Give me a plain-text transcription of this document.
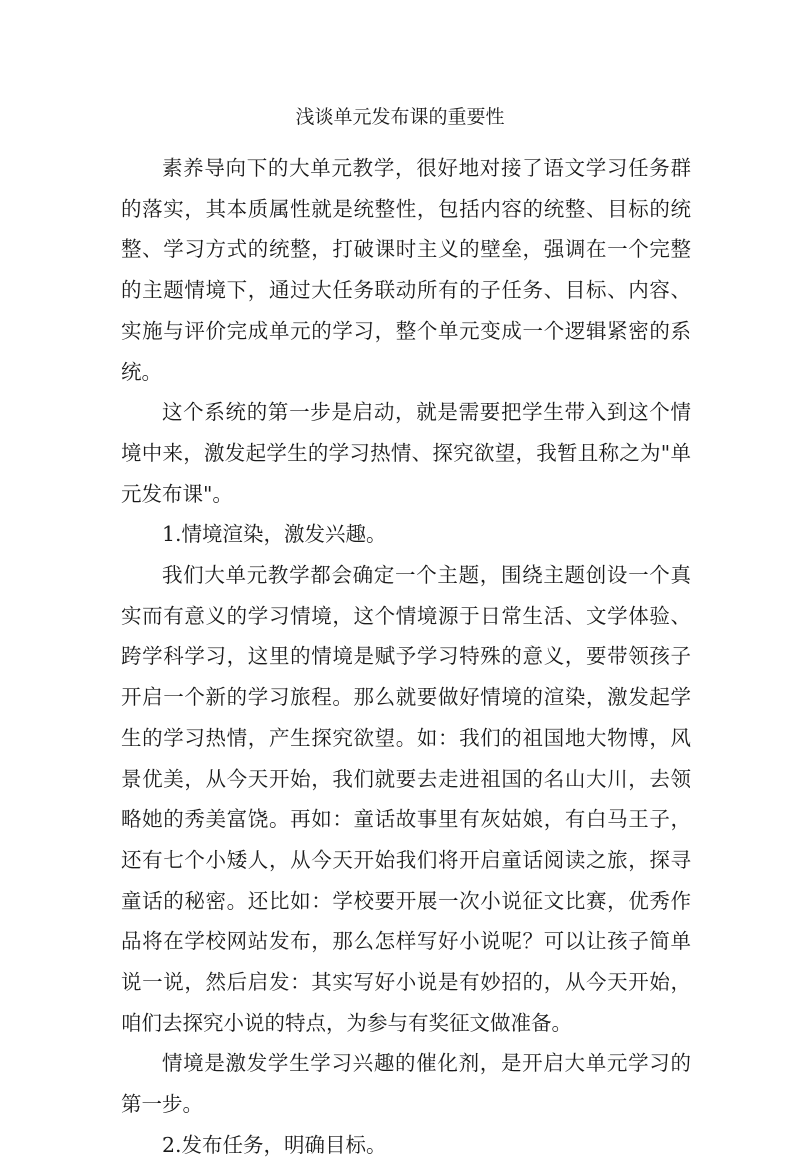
浅谈单元发布课的重要性

素养导向下的大单元教学，很好地对接了语文学习任务群的落实，其本质属性就是统整性，包括内容的统整、目标的统整、学习方式的统整，打破课时主义的壁垒，强调在一个完整的主题情境下，通过大任务联动所有的子任务、目标、内容、实施与评价完成单元的学习，整个单元变成一个逻辑紧密的系统。

这个系统的第一步是启动，就是需要把学生带入到这个情境中来，激发起学生的学习热情、探究欲望，我暂且称之为"单元发布课"。

1.情境渲染，激发兴趣。

我们大单元教学都会确定一个主题，围绕主题创设一个真实而有意义的学习情境，这个情境源于日常生活、文学体验、跨学科学习，这里的情境是赋予学习特殊的意义，要带领孩子开启一个新的学习旅程。那么就要做好情境的渲染，激发起学生的学习热情，产生探究欲望。如：我们的祖国地大物博，风景优美，从今天开始，我们就要去走进祖国的名山大川，去领略她的秀美富饶。再如：童话故事里有灰姑娘，有白马王子，还有七个小矮人，从今天开始我们将开启童话阅读之旅，探寻童话的秘密。还比如：学校要开展一次小说征文比赛，优秀作品将在学校网站发布，那么怎样写好小说呢？可以让孩子简单说一说，然后启发：其实写好小说是有妙招的，从今天开始，咱们去探究小说的特点，为参与有奖征文做准备。

情境是激发学生学习兴趣的催化剂，是开启大单元学习的第一步。

2.发布任务，明确目标。
